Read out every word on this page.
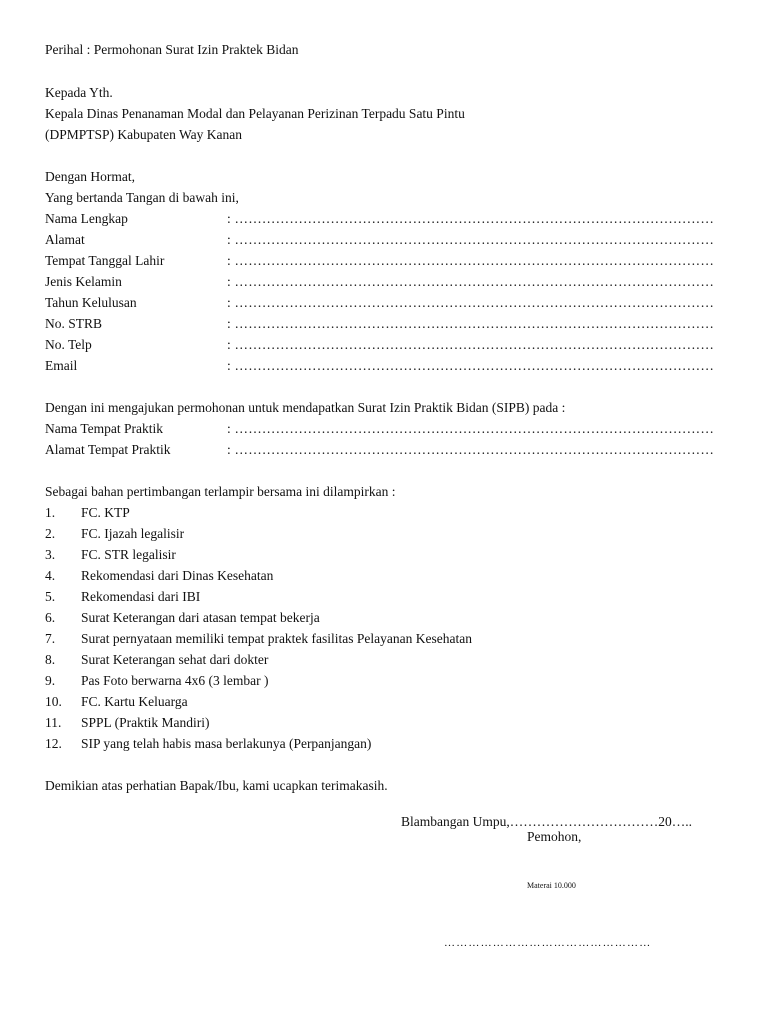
Perihal : Permohonan Surat Izin Praktek Bidan
Kepada Yth.
Kepala Dinas Penanaman Modal dan Pelayanan Perizinan Terpadu Satu Pintu
(DPMPTSP) Kabupaten Way Kanan
Dengan Hormat,
Yang bertanda Tangan di bawah ini,
Nama Lengkap	: ……………………………………………………………………………………………
Alamat	: ……………………………………………………………………………………………
Tempat Tanggal Lahir	: ……………………………………………………………………………………………
Jenis Kelamin	: ……………………………………………………………………………………………
Tahun Kelulusan	: ……………………………………………………………………………………………
No. STRB	: ……………………………………………………………………………………………
No. Telp	: ……………………………………………………………………………………………
Email	: ……………………………………………………………………………………………
Dengan ini mengajukan permohonan untuk mendapatkan Surat Izin Praktik Bidan (SIPB) pada :
Nama Tempat Praktik	: ……………………………………………………………………………………………
Alamat Tempat Praktik	: ……………………………………………………………………………………………
Sebagai bahan pertimbangan terlampir bersama ini dilampirkan :
1. FC. KTP
2. FC. Ijazah legalisir
3. FC. STR legalisir
4. Rekomendasi dari Dinas Kesehatan
5. Rekomendasi dari IBI
6. Surat Keterangan dari atasan tempat bekerja
7. Surat pernyataan memiliki tempat praktek fasilitas Pelayanan Kesehatan
8. Surat Keterangan sehat dari dokter
9. Pas Foto berwarna 4x6 (3 lembar )
10. FC. Kartu Keluarga
11. SPPL (Praktik Mandiri)
12. SIP yang telah habis masa berlakunya (Perpanjangan)
Demikian atas perhatian Bapak/Ibu, kami ucapkan terimakasih.
Blambangan Umpu,……………………………20…..
Pemohon,
Materai 10.000
……………………………………………
